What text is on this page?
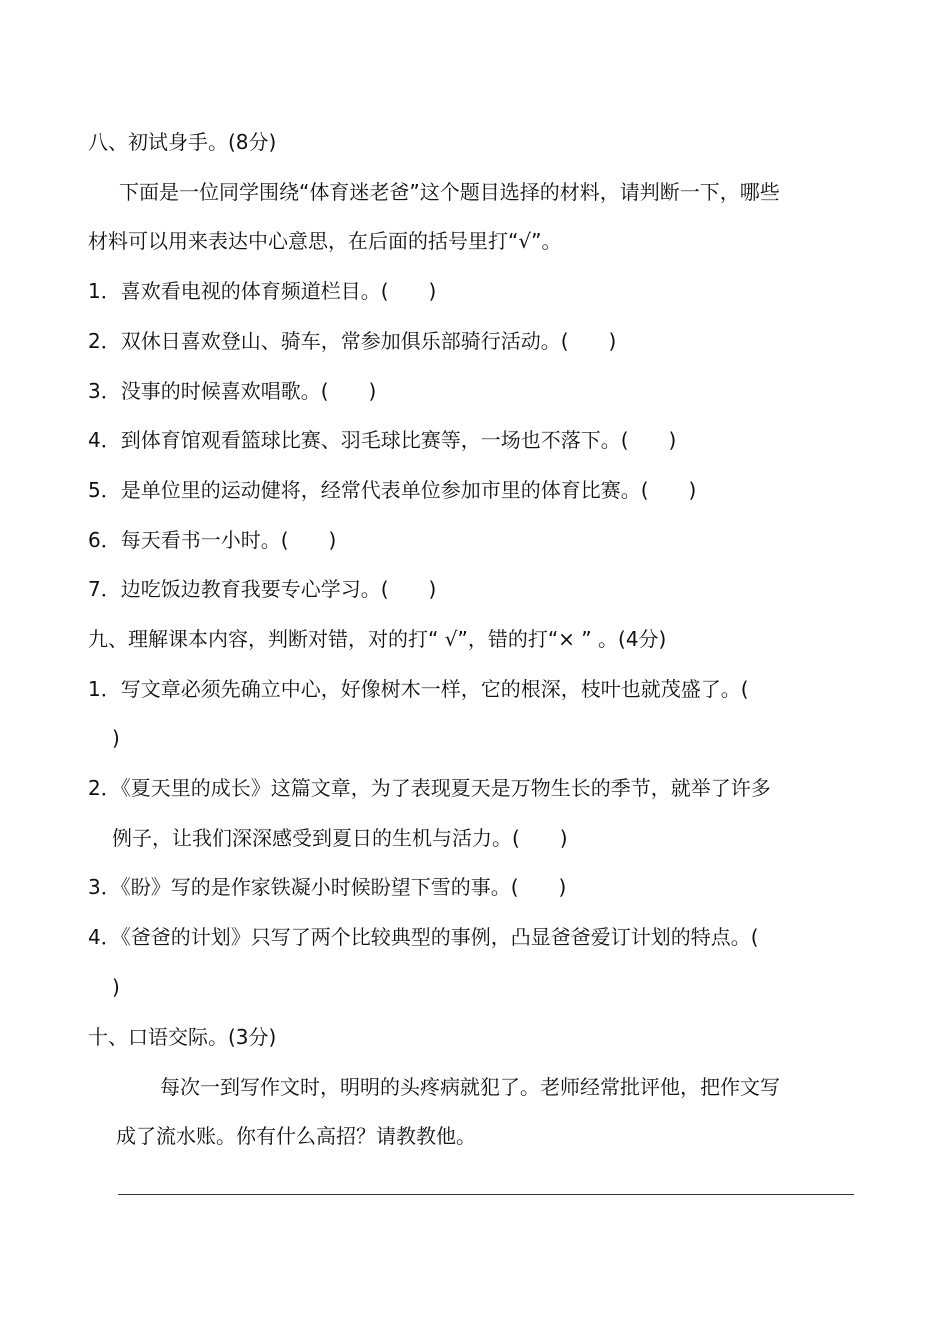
八、初试身手。(8分)
下面是一位同学围绕“体育迷老爸”这个题目选择的材料，请判断一下，哪些
材料可以用来表达中心意思，在后面的括号里打“√”。
1．喜欢看电视的体育频道栏目。(　　)
2．双休日喜欢登山、骑车，常参加俱乐部骑行活动。(　　)
3．没事的时候喜欢唱歌。(　　)
4．到体育馆观看篮球比赛、羽毛球比赛等，一场也不落下。(　　)
5．是单位里的运动健将，经常代表单位参加市里的体育比赛。(　　)
6．每天看书一小时。(　　)
7．边吃饭边教育我要专心学习。(　　)
九、理解课本内容，判断对错，对的打“ √”，错的打“× ” 。(4分)
1．写文章必须先确立中心，好像树木一样，它的根深，枝叶也就茂盛了。(
)
2．《夏天里的成长》这篇文章，为了表现夏天是万物生长的季节，就举了许多
例子，让我们深深感受到夏日的生机与活力。(　　)
3．《盼》写的是作家铁凝小时候盼望下雪的事。(　　)
4．《爸爸的计划》只写了两个比较典型的事例，凸显爸爸爱订计划的特点。(
)
十、口语交际。(3分)
每次一到写作文时，明明的头疼病就犯了。老师经常批评他，把作文写
成了流水账。你有什么高招？请教教他。
